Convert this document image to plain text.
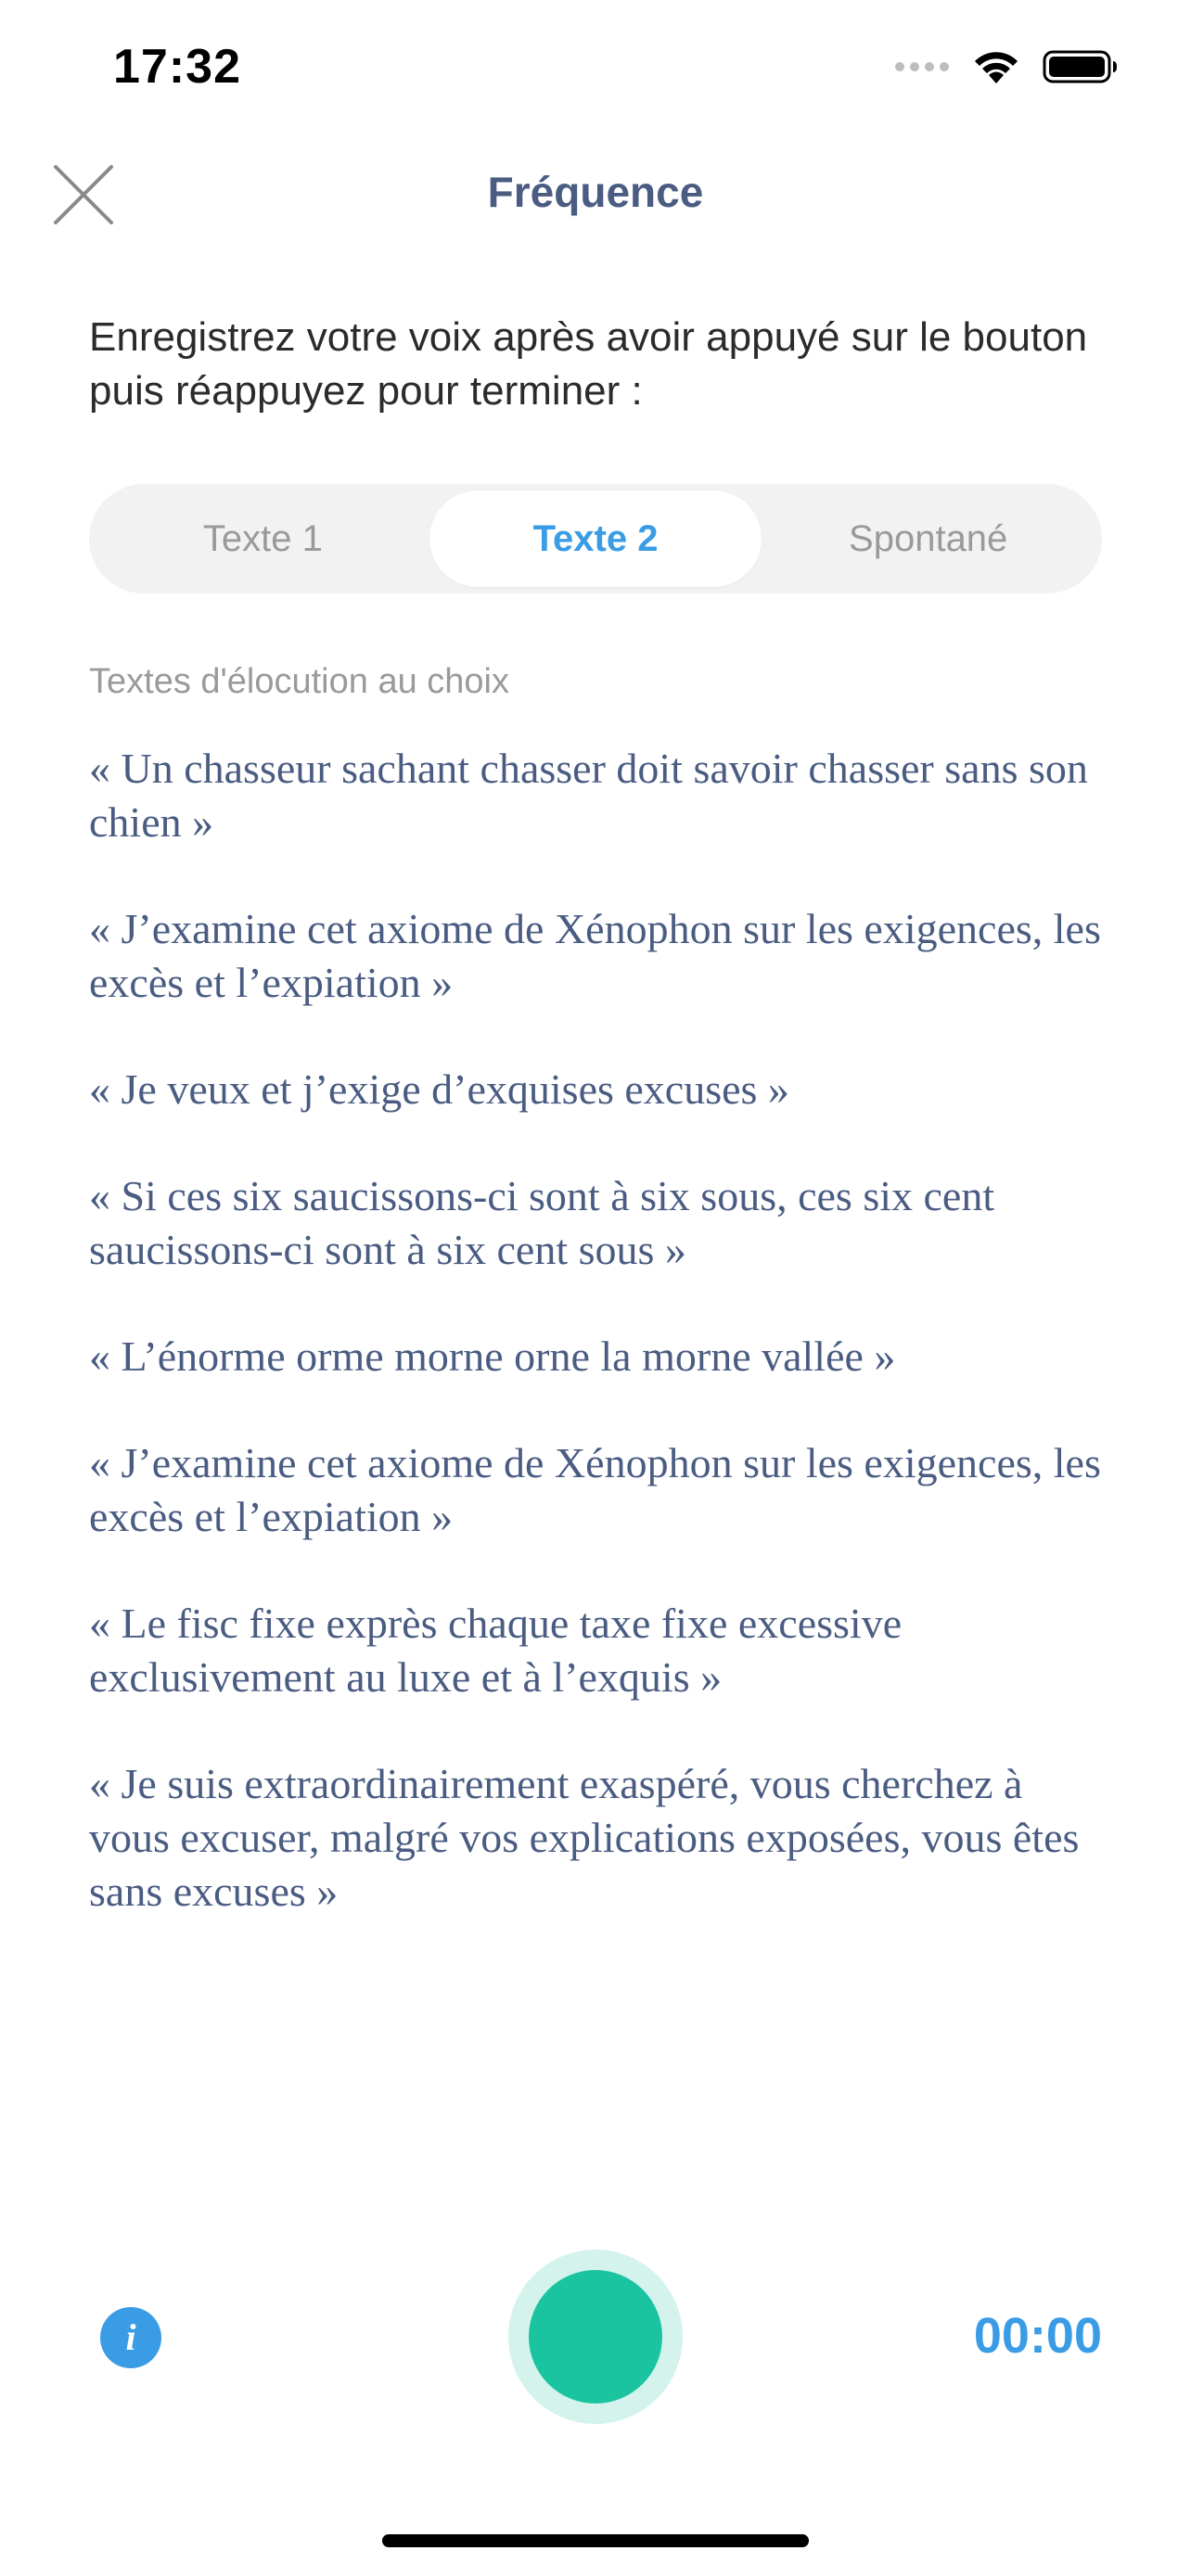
17:32
Fréquence
Enregistrez votre voix après avoir appuyé sur le bouton puis réappuyez pour terminer :
Texte 1	Texte 2	Spontané
Textes d'élocution au choix
« Un chasseur sachant chasser doit savoir chasser sans son chien »
« J’examine cet axiome de Xénophon sur les exigences, les excès et l’expiation »
« Je veux et j’exige d’exquises excuses »
« Si ces six saucissons-ci sont à six sous, ces six cent saucissons-ci sont à six cent sous »
« L’énorme orme morne orne la morne vallée »
« J’examine cet axiome de Xénophon sur les exigences, les excès et l’expiation »
« Le fisc fixe exprès chaque taxe fixe excessive exclusivement au luxe et à l’exquis »
« Je suis extraordinairement exaspéré, vous cherchez à vous excuser, malgré vos explications exposées, vous êtes sans excuses »
i	00:00
